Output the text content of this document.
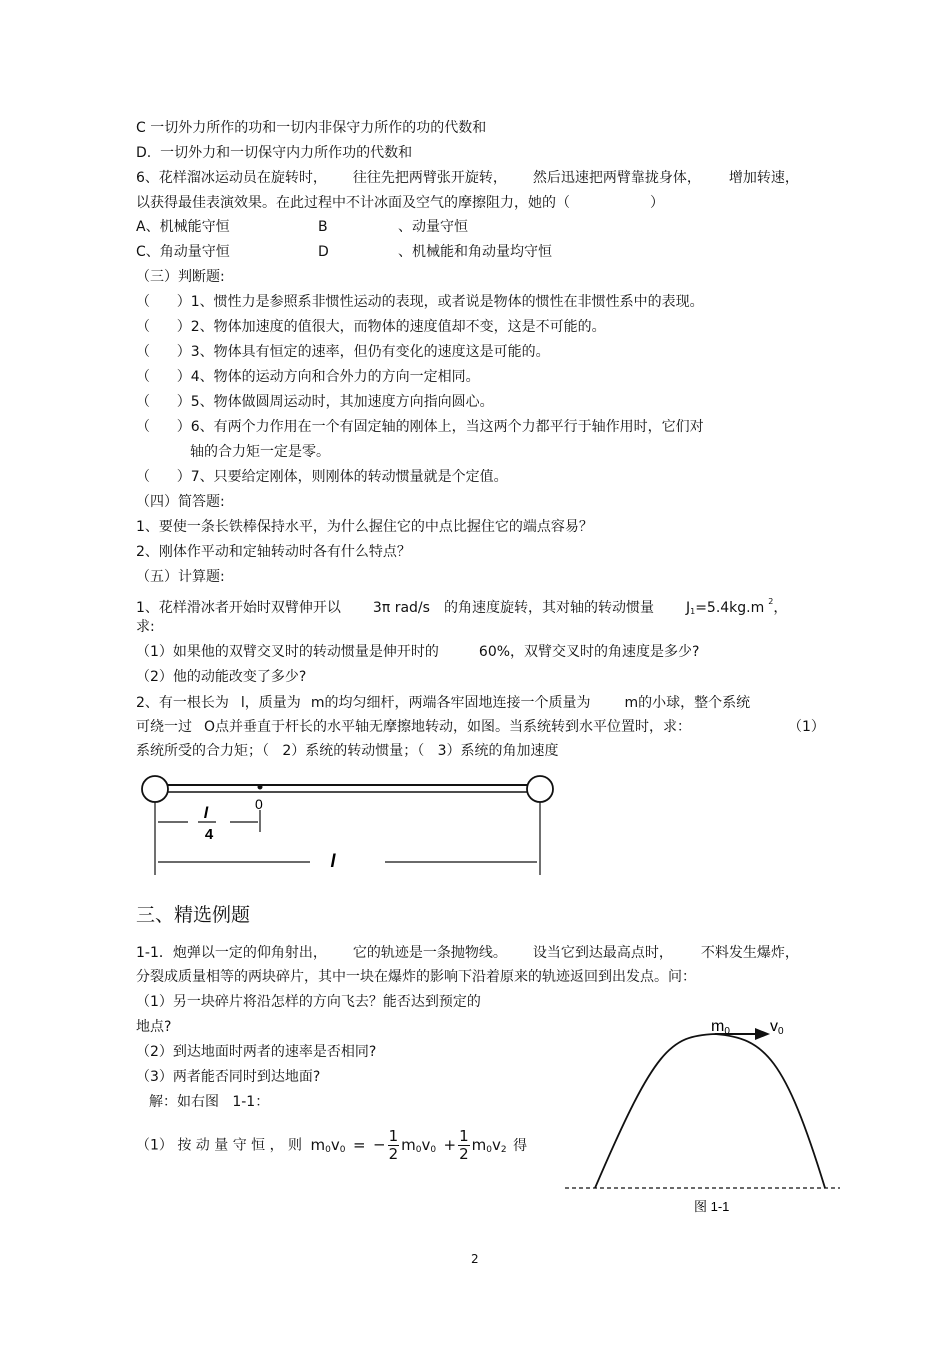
C 一切外力所作的功和一切内非保守力所作的功的代数和
D.  一切外力和一切保守内力所作功的代数和
6、花样溜冰运动员在旋转时， 往往先把两臂张开旋转， 然后迅速把两臂靠拢身体， 增加转速，
以获得最佳表演效果。在此过程中不计冰面及空气的摩擦阻力，她的（	）
A、机械能守恒	B	、动量守恒
C、角动量守恒	D	、机械能和角动量均守恒
（三）判断题:
（      ）1、惯性力是参照系非惯性运动的表现，或者说是物体的惯性在非惯性系中的表现。
（      ）2、物体加速度的值很大，而物体的速度值却不变，这是不可能的。
（      ）3、物体具有恒定的速率，但仍有变化的速度这是可能的。
（      ）4、物体的运动方向和合外力的方向一定相同。
（      ）5、物体做圆周运动时，其加速度方向指向圆心。
（      ）6、有两个力作用在一个有固定轴的刚体上，当这两个力都平行于轴作用时，它们对
轴的合力矩一定是零。
（      ）7、只要给定刚体，则刚体的转动惯量就是个定值。
（四）简答题:
1、要使一条长铁棒保持水平，为什么握住它的中点比握住它的端点容易？
2、刚体作平动和定轴转动时各有什么特点？
（五）计算题:
1、花样滑冰者开始时双臂伸开以 3π rad/s 的角速度旋转，其对轴的转动惯量 J1=5.4kg.m $^2$，
求:
（1）如果他的双臂交叉时的转动惯量是伸开时的	60%，双臂交叉时的角速度是多少?
（2）他的动能改变了多少?
2、有一根长为 l，质量为 m的均匀细杆，两端各牢固地连接一个质量为 m的小球，整个系统
可绕一过 O点并垂直于杆长的水平轴无摩擦地转动，如图。当系统转到水平位置时，求：	（1）
系统所受的合力矩；（   2）系统的转动惯量；（   3）系统的角加速度
0
l
4
l
三、精选例题
1-1．炮弹以一定的仰角射出， 它的轨迹是一条抛物线。 设当它到达最高点时， 不料发生爆炸，
分裂成质量相等的两块碎片，其中一块在爆炸的影响下沿着原来的轨迹返回到出发点。问：
（1）另一块碎片将沿怎样的方向飞去？能否达到预定的
地点?
（2）到达地面时两者的速率是否相同?
（3）两者能否同时到达地面?
解：如右图   1-1：
（1） 按 动 量 守 恒 ， 则 $m_0v_0$ = − $\frac{1}{2} m_0v_0 + \frac{1}{2} m_0v_2$ 得
m0	v0
图 1-1
2
